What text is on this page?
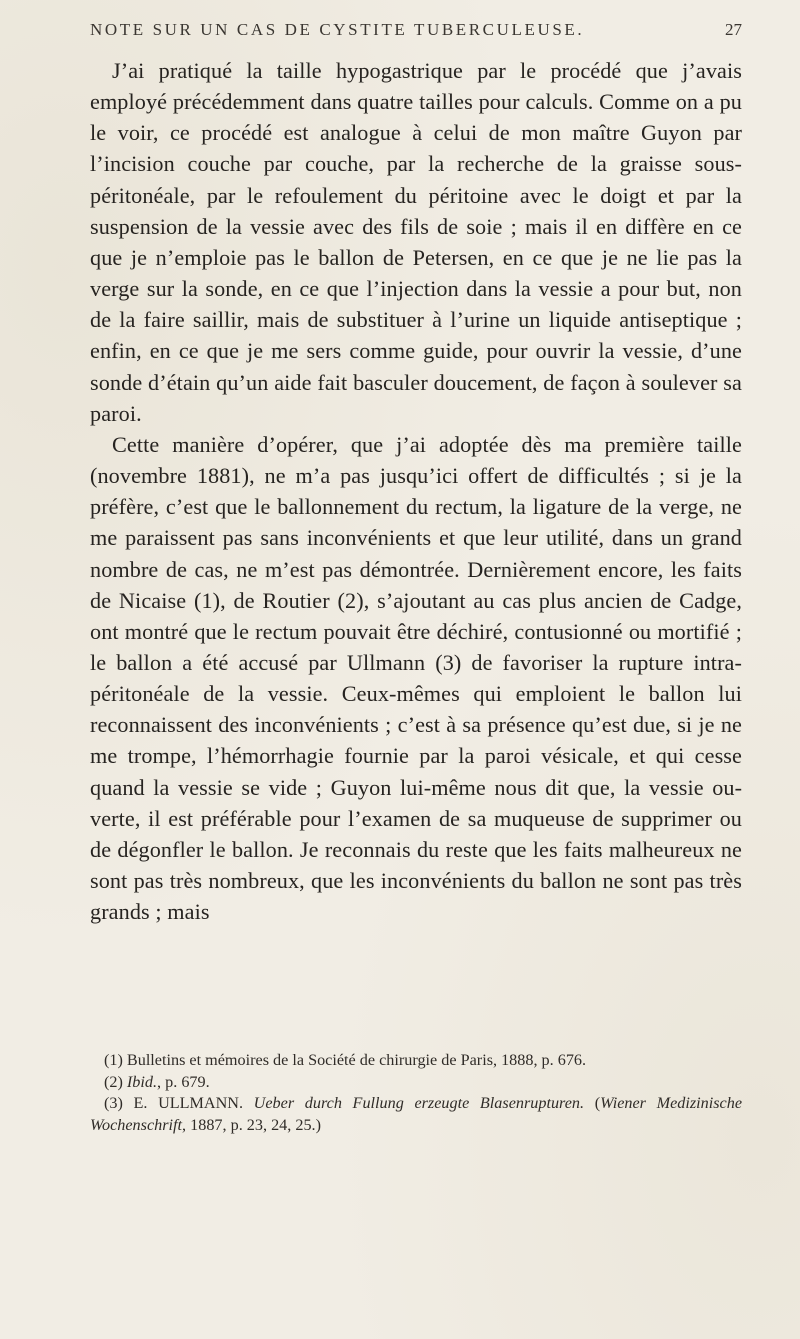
NOTE SUR UN CAS DE CYSTITE TUBERCULEUSE.	27

J’ai pratiqué la taille hypogastrique par le procédé que j’avais employé précédemment dans quatre tailles pour calculs. Comme on a pu le voir, ce procédé est analogue à celui de mon maître Guyon par l’incision couche par couche, par la recherche de la graisse sous-péritonéale, par le refoulement du péritoine avec le doigt et par la suspension de la vessie avec des fils de soie ; mais il en diffère en ce que je n’emploie pas le ballon de Petersen, en ce que je ne lie pas la verge sur la sonde, en ce que l’injection dans la vessie a pour but, non de la faire saillir, mais de substituer à l’urine un liquide antiseptique ; enfin, en ce que je me sers comme guide, pour ouvrir la vessie, d’une sonde d’étain qu’un aide fait basculer doucement, de façon à soulever sa paroi.

Cette manière d’opérer, que j’ai adoptée dès ma première taille (novembre 1881), ne m’a pas jusqu’ici offert de difficultés ; si je la préfère, c’est que le ballonnement du rectum, la ligature de la verge, ne me paraissent pas sans inconvénients et que leur utilité, dans un grand nombre de cas, ne m’est pas démontrée. Dernièrement encore, les faits de Nicaise (1), de Routier (2), s’ajoutant au cas plus ancien de Cadge, ont montré que le rectum pouvait être déchiré, contusionné ou mortifié ; le ballon a été accusé par Ullmann (3) de favoriser la rupture intra-péritonéale de la vessie. Ceux-mêmes qui emploient le ballon lui reconnaissent des inconvénients ; c’est à sa présence qu’est due, si je ne me trompe, l’hémorrhagie fournie par la paroi vésicale, et qui cesse quand la vessie se vide ; Guyon lui-même nous dit que, la vessie ouverte, il est préférable pour l’examen de sa muqueuse de supprimer ou de dégonfler le ballon. Je reconnais du reste que les faits malheureux ne sont pas très nombreux, que les inconvénients du ballon ne sont pas très grands ; mais

(1) Bulletins et mémoires de la Société de chirurgie de Paris, 1888, p. 676.

(2) Ibid., p. 679.

(3) E. ULLMANN. Ueber durch Fullung erzeugte Blasenrupturen. (Wiener Medizinische Wochenschrift, 1887, p. 23, 24, 25.)
